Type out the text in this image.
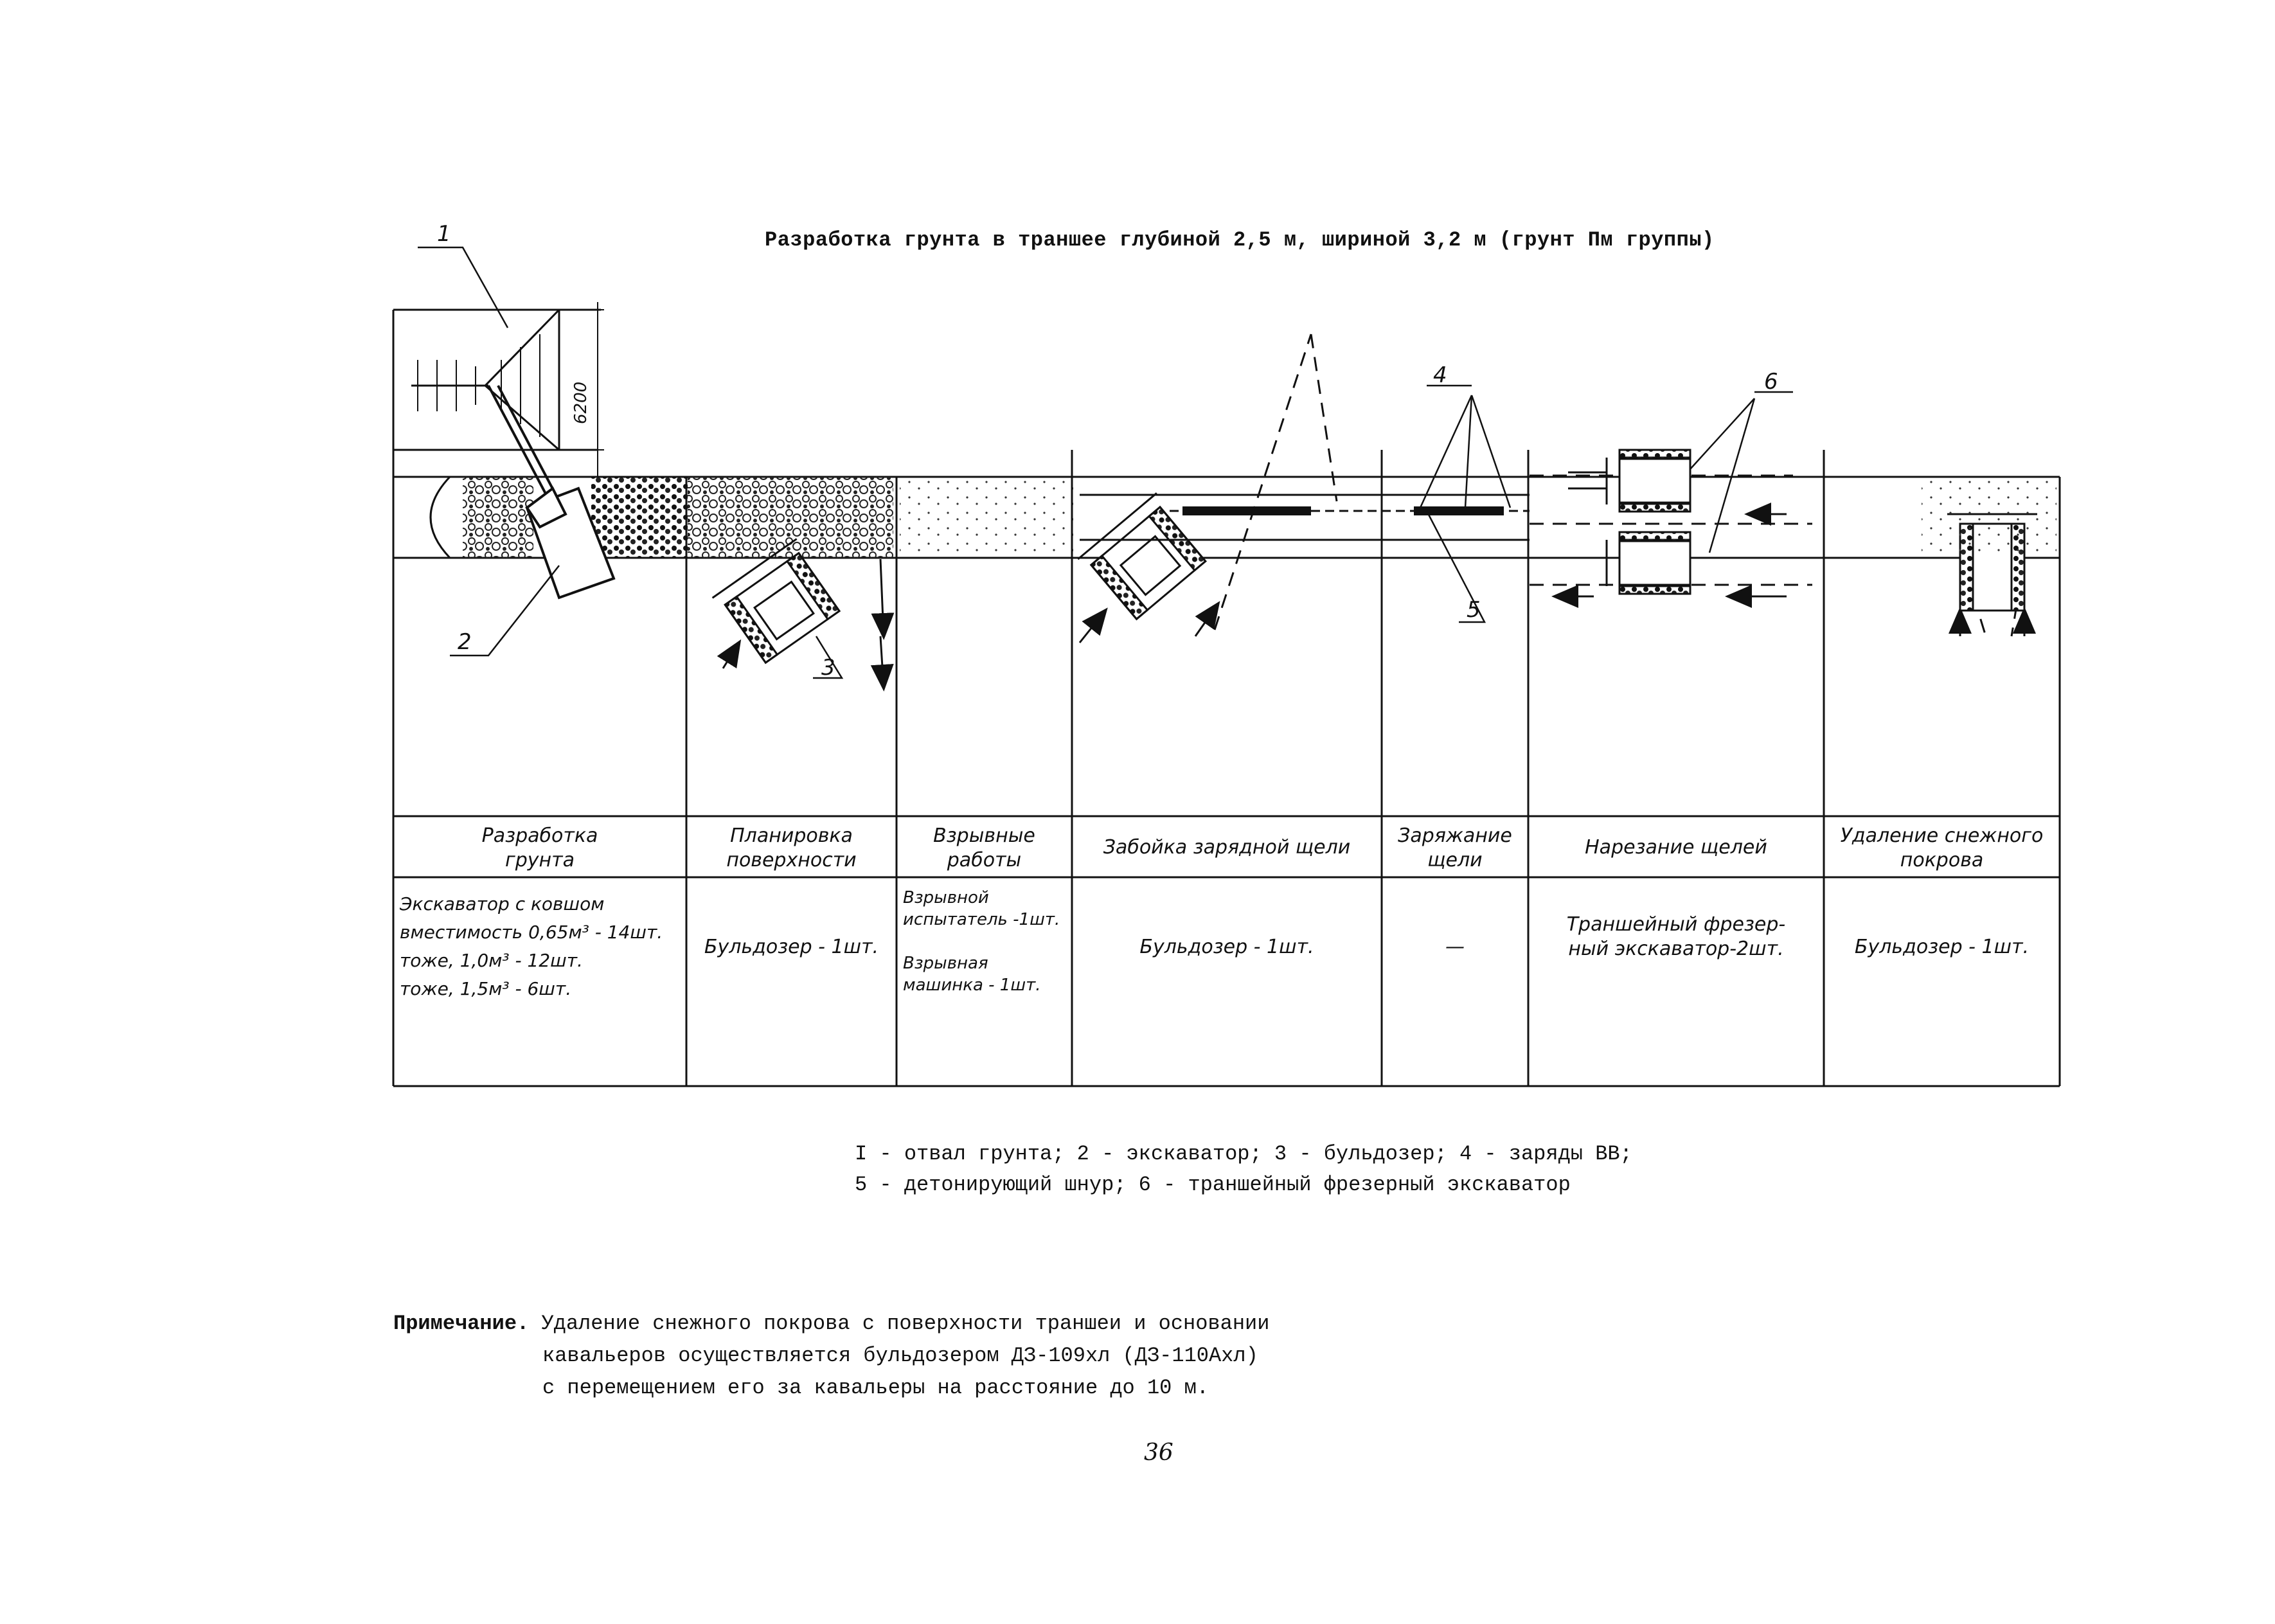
Разработка грунта в траншее глубиной 2,5 м, шириной 3,2 м (грунт Пм группы)
6200
1
2
3
4
5
6
Разработка
грунта
Планировка
поверхности
Взрывные
работы
Забойка зарядной щели
Заряжание
щели
Нарезание щелей
Удаление снежного
покрова
Экскаватор с ковшом
вместимость 0,65м³ - 14шт.
тоже, 1,0м³ - 12шт.
тоже, 1,5м³ - 6шт.
Бульдозер - 1шт.
Взрывной
испытатель -1шт.

Взрывная
машинка - 1шт.
Бульдозер - 1шт.	—
Траншейный фрезер-
ный экскаватор-2шт.	Бульдозер - 1шт.
I - отвал грунта; 2 - экскаватор; 3 - бульдозер; 4 - заряды ВВ;
5 - детонирующий шнур; 6 - траншейный фрезерный экскаватор
Примечание. Удаление снежного покрова с поверхности траншеи и основании
кавальеров осуществляется бульдозером ДЗ-109хл (ДЗ-110Ахл)
с перемещением его за кавальеры на расстояние до 10 м.
36
